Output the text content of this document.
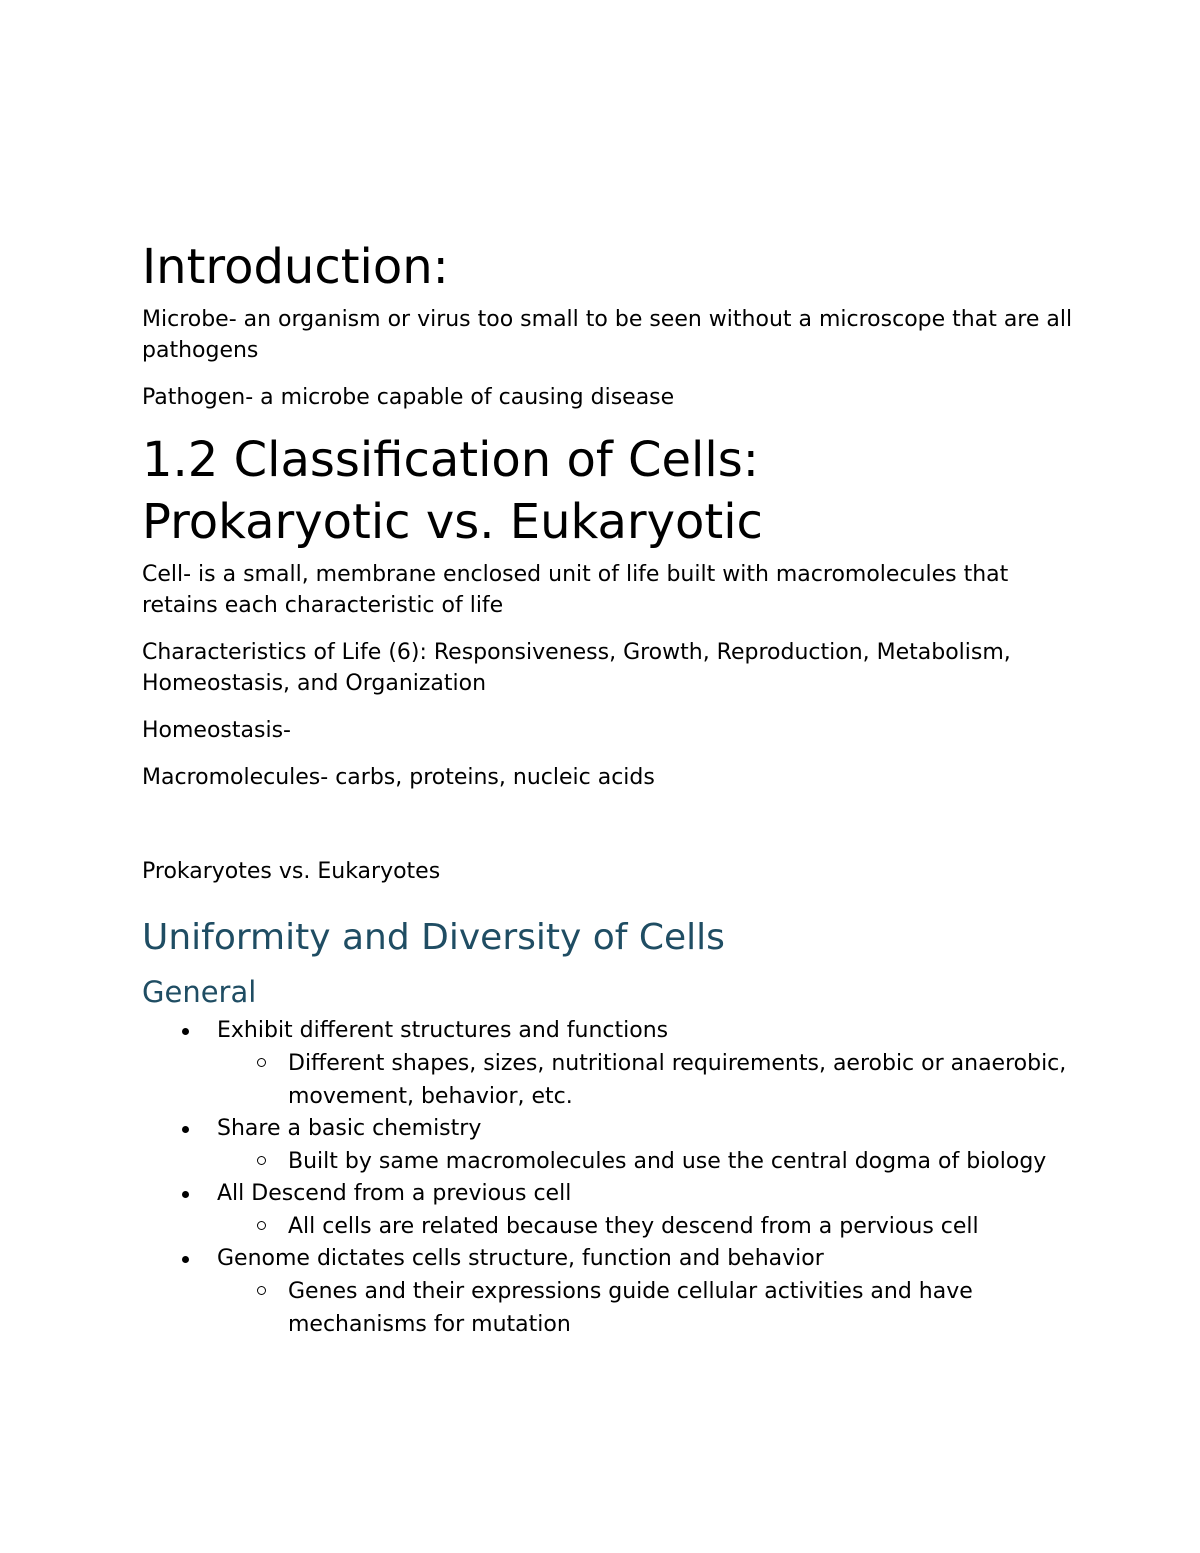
Introduction:

Microbe- an organism or virus too small to be seen without a microscope that are all pathogens

Pathogen- a microbe capable of causing disease

1.2 Classification of Cells:
Prokaryotic vs. Eukaryotic

Cell- is a small, membrane enclosed unit of life built with macromolecules that retains each characteristic of life

Characteristics of Life (6): Responsiveness, Growth, Reproduction, Metabolism, Homeostasis, and Organization

Homeostasis-

Macromolecules- carbs, proteins, nucleic acids

Prokaryotes vs. Eukaryotes

Uniformity and Diversity of Cells
General
Exhibit different structures and functions
Different shapes, sizes, nutritional requirements, aerobic or anaerobic, movement, behavior, etc.
Share a basic chemistry
Built by same macromolecules and use the central dogma of biology
All Descend from a previous cell
All cells are related because they descend from a pervious cell
Genome dictates cells structure, function and behavior
Genes and their expressions guide cellular activities and have mechanisms for mutation
